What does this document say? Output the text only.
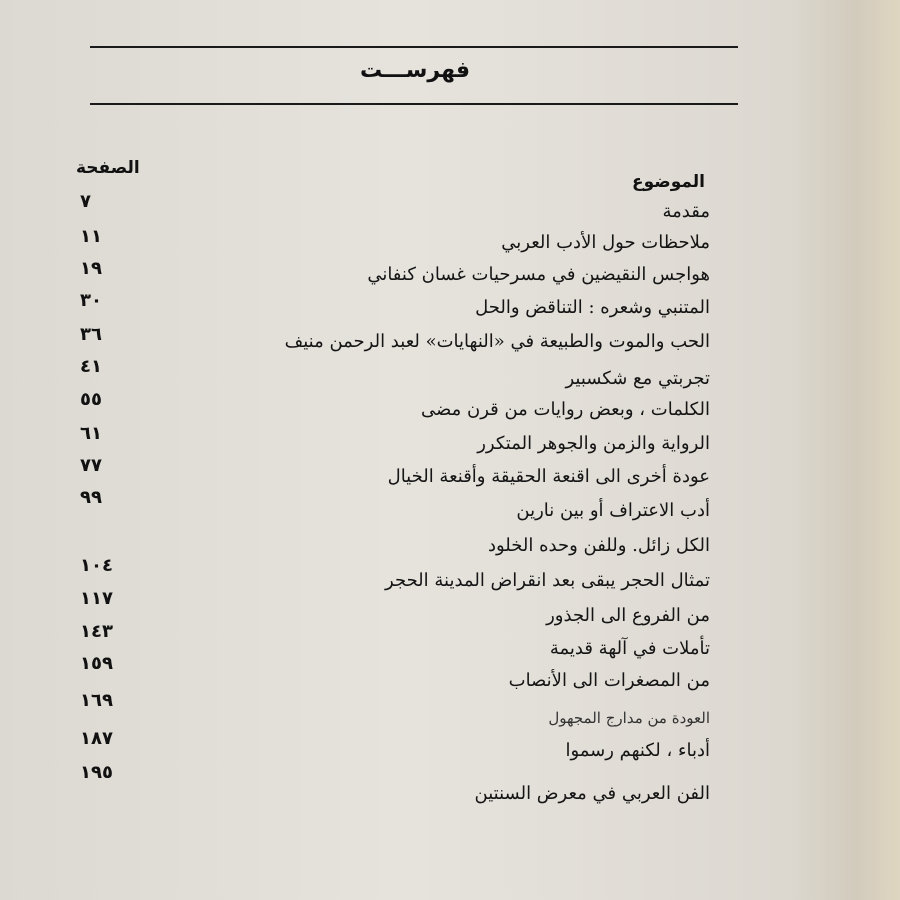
فهرســـت
الصفحة
الموضوع
مقدمة
ملاحظات حول الأدب العربي
هواجس النقيضين في مسرحيات غسان كنفاني
المتنبي وشعره : التناقض والحل
الحب والموت والطبيعة في «النهايات» لعبد الرحمن منيف
تجربتي مع شكسبير
الكلمات ، وبعض روايات من قرن مضى
الرواية والزمن والجوهر المتكرر
عودة أخرى الى اقنعة الحقيقة وأقنعة الخيال
أدب الاعتراف أو بين نارين
الكل زائل. وللفن وحده الخلود
تمثال الحجر يبقى بعد انقراض المدينة الحجر
من الفروع الى الجذور
تأملات في آلهة قديمة
من المصغرات الى الأنصاب
العودة من مدارج المجهول
أدباء ، لكنهم رسموا
الفن العربي في معرض السنتين
٧
١١
١٩
٣٠
٣٦
٤١
٥٥
٦١
٧٧
٩٩
١٠٤
١١٧
١٤٣
١٥٩
١٦٩
١٨٧
١٩٥
